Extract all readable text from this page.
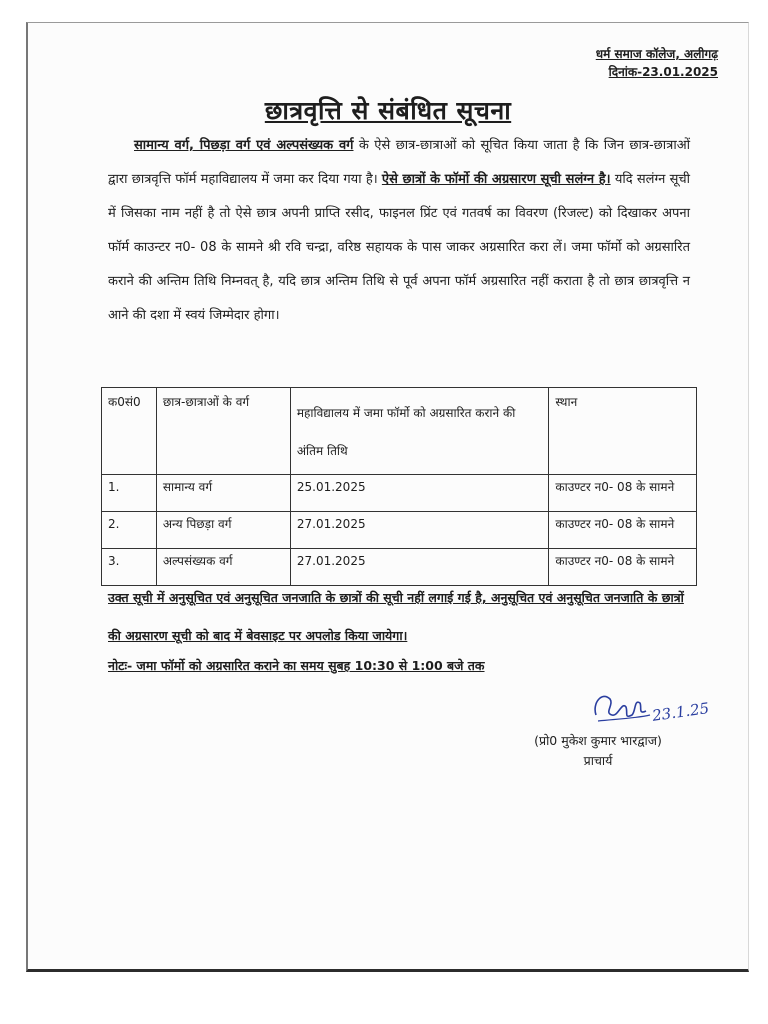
धर्म समाज कॉलेज, अलीगढ़
दिनांक-23.01.2025
छात्रवृत्ति से संबंधित सूचना
सामान्य वर्ग, पिछड़ा वर्ग एवं अल्पसंख्यक वर्ग के ऐसे छात्र-छात्राओं को सूचित किया जाता है कि जिन छात्र-छात्राओं द्वारा छात्रवृत्ति फॉर्म महाविद्यालय में जमा कर दिया गया है। ऐसे छात्रों के फॉर्मो की अग्रसारण सूची सलंग्न है। यदि सलंग्न सूची में जिसका नाम नहीं है तो ऐसे छात्र अपनी प्राप्ति रसीद, फाइनल प्रिंट एवं गतवर्ष का विवरण (रिजल्ट) को दिखाकर अपना फॉर्म काउन्टर न0- 08 के सामने श्री रवि चन्द्रा, वरिष्ठ सहायक के पास जाकर अग्रसारित करा लें। जमा फॉर्मो को अग्रसारित कराने की अन्तिम तिथि निम्नवत् है, यदि छात्र अन्तिम तिथि से पूर्व अपना फॉर्म अग्रसारित नहीं कराता है तो छात्र छात्रवृत्ति न आने की दशा में स्वयं जिम्मेदार होगा।
क0सं0	छात्र-छात्राओं के वर्ग	महाविद्यालय में जमा फॉर्मो को अग्रसारित कराने की अंतिम तिथि	स्थान
1.	सामान्य वर्ग	25.01.2025	काउण्टर न0- 08 के सामने
2.	अन्य पिछड़ा वर्ग	27.01.2025	काउण्टर न0- 08 के सामने
3.	अल्पसंख्यक वर्ग	27.01.2025	काउण्टर न0- 08 के सामने
उक्त सूची में अनुसूचित एवं अनुसूचित जनजाति के छात्रों की सूची नहीं लगाई गई है, अनुसूचित एवं अनुसूचित जनजाति के छात्रों की अग्रसारण सूची को बाद में बेवसाइट पर अपलोड किया जायेगा।
नोटः- जमा फॉर्मो को अग्रसारित कराने का समय सुबह 10:30 से 1:00 बजे तक
23.1.25
(प्रो0 मुकेश कुमार भारद्वाज)
प्राचार्य
